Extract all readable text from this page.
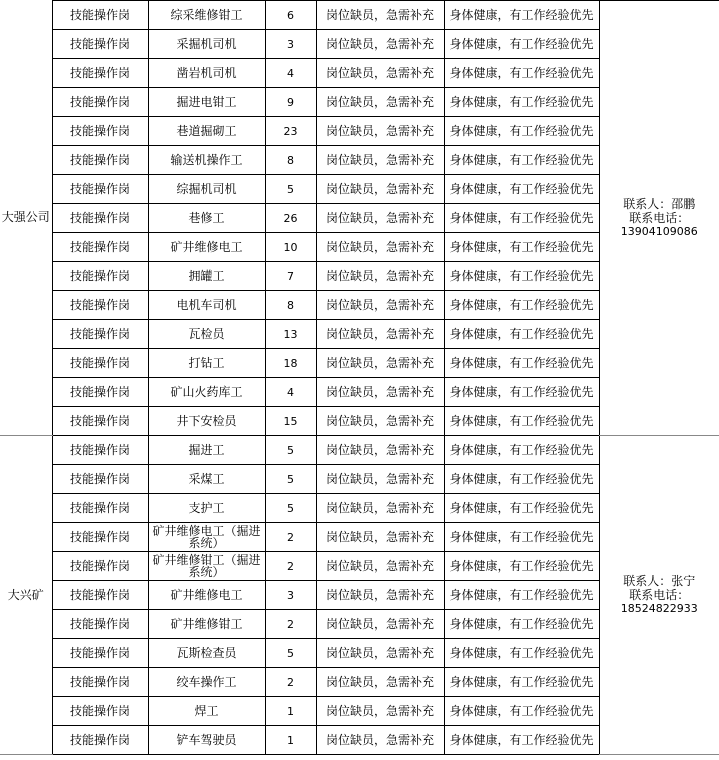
大强公司	技能操作岗	综采维修钳工	6	岗位缺员，急需补充	身体健康，有工作经验优先	联系人：邵鹏
联系电话：
13904109086

	技能操作岗	采掘机司机	3	岗位缺员，急需补充	身体健康，有工作经验优先	
	技能操作岗	凿岩机司机	4	岗位缺员，急需补充	身体健康，有工作经验优先	
	技能操作岗	掘进电钳工	9	岗位缺员，急需补充	身体健康，有工作经验优先	
	技能操作岗	巷道掘砌工	23	岗位缺员，急需补充	身体健康，有工作经验优先	
	技能操作岗	输送机操作工	8	岗位缺员，急需补充	身体健康，有工作经验优先	
	技能操作岗	综掘机司机	5	岗位缺员，急需补充	身体健康，有工作经验优先	
	技能操作岗	巷修工	26	岗位缺员，急需补充	身体健康，有工作经验优先	
	技能操作岗	矿井维修电工	10	岗位缺员，急需补充	身体健康，有工作经验优先	
	技能操作岗	拥罐工	7	岗位缺员，急需补充	身体健康，有工作经验优先	
	技能操作岗	电机车司机	8	岗位缺员，急需补充	身体健康，有工作经验优先	
	技能操作岗	瓦检员	13	岗位缺员，急需补充	身体健康，有工作经验优先	
	技能操作岗	打钻工	18	岗位缺员，急需补充	身体健康，有工作经验优先	
	技能操作岗	矿山火药库工	4	岗位缺员，急需补充	身体健康，有工作经验优先	
	技能操作岗	井下安检员	15	岗位缺员，急需补充	身体健康，有工作经验优先	
大兴矿	技能操作岗	掘进工	5	岗位缺员，急需补充	身体健康，有工作经验优先	联系人：张宁
联系电话：
18524822933

	技能操作岗	采煤工	5	岗位缺员，急需补充	身体健康，有工作经验优先	
	技能操作岗	支护工	5	岗位缺员，急需补充	身体健康，有工作经验优先	
	技能操作岗	矿井维修电工（掘进系统）	2	岗位缺员，急需补充	身体健康，有工作经验优先	
	技能操作岗	矿井维修钳工（掘进系统）	2	岗位缺员，急需补充	身体健康，有工作经验优先	
	技能操作岗	矿井维修电工	3	岗位缺员，急需补充	身体健康，有工作经验优先	
	技能操作岗	矿井维修钳工	2	岗位缺员，急需补充	身体健康，有工作经验优先	
	技能操作岗	瓦斯检查员	5	岗位缺员，急需补充	身体健康，有工作经验优先	
	技能操作岗	绞车操作工	2	岗位缺员，急需补充	身体健康，有工作经验优先	
	技能操作岗	焊工	1	岗位缺员，急需补充	身体健康，有工作经验优先	
	技能操作岗	铲车驾驶员	1	岗位缺员，急需补充	身体健康，有工作经验优先	
